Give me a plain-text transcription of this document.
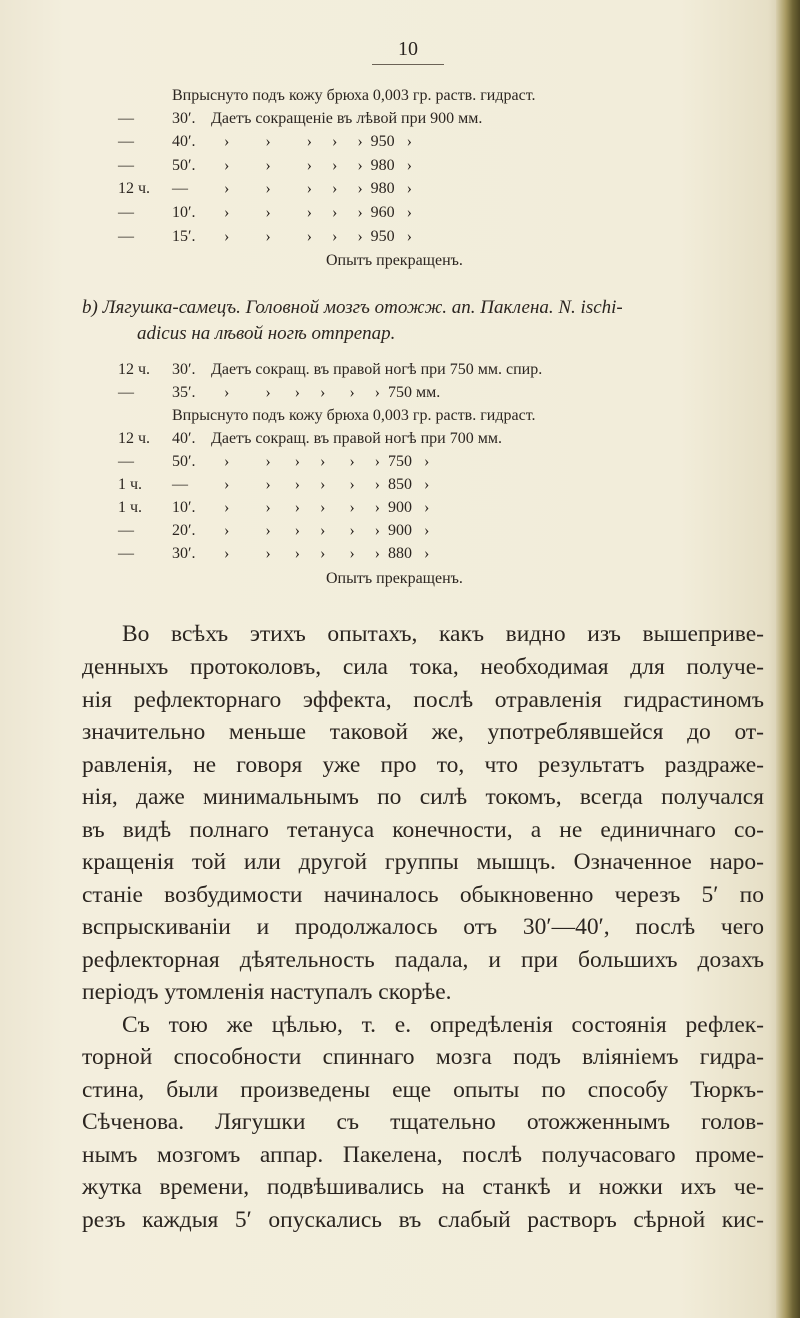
10
Впрыснуто подъ кожу брюха 0,003 гр. раств. гидраст.
— 30′. Даетъ сокращеніе въ лѣвой при 900 мм.
— 40′. ›         ›         ›     ›     ›  950   ›
— 50′. ›         ›         ›     ›     ›  980   ›
12 ч. — ›         ›         ›     ›     ›  980   ›
— 10′. ›         ›         ›     ›     ›  960   ›
— 15′. ›         ›         ›     ›     ›  950   ›
Опытъ прекращенъ.
b) Лягушка-самецъ. Головной мозгъ отожж. ап. Паклена. N. ischi-
adicus на лѣвой ногѣ отпрепар.
12 ч. 30′. Даетъ сокращ. въ правой ногѣ при 750 мм. спир.
— 35′. ›         ›      ›     ›      ›     ›  750 мм.
Впрыснуто подъ кожу брюха 0,003 гр. раств. гидраст.
12 ч. 40′. Даетъ сокращ. въ правой ногѣ при 700 мм.
— 50′. ›         ›      ›     ›      ›     ›  750   ›
1 ч. — ›         ›      ›     ›      ›     ›  850   ›
1 ч. 10′. ›         ›      ›     ›      ›     ›  900   ›
— 20′. ›         ›      ›     ›      ›     ›  900   ›
— 30′. ›         ›      ›     ›      ›     ›  880   ›
Опытъ прекращенъ.
Во всѣхъ этихъ опытахъ, какъ видно изъ вышеприве-
денныхъ протоколовъ, сила тока, необходимая для получе-
нія рефлекторнаго эффекта, послѣ отравленія гидрастиномъ
значительно меньше таковой же, употреблявшейся до от-
равленія, не говоря уже про то, что результатъ раздраже-
нія, даже минимальнымъ по силѣ токомъ, всегда получался
въ видѣ полнаго тетануса конечности, а не единичнаго со-
кращенія той или другой группы мышцъ. Означенное наро-
станіе возбудимости начиналось обыкновенно черезъ 5′ по
вспрыскиваніи и продолжалось отъ 30′—40′, послѣ чего
рефлекторная дѣятельность падала, и при большихъ дозахъ
періодъ утомленія наступалъ скорѣе.
Съ тою же цѣлью, т. е. опредѣленія состоянія рефлек-
торной способности спиннаго мозга подъ вліяніемъ гидра-
стина, были произведены еще опыты по способу Тюркъ-
Сѣченова. Лягушки съ тщательно отожженнымъ голов-
нымъ мозгомъ аппар. Пакелена, послѣ получасоваго проме-
жутка времени, подвѣшивались на станкѣ и ножки ихъ че-
резъ каждыя 5′ опускались въ слабый растворъ сѣрной кис-
